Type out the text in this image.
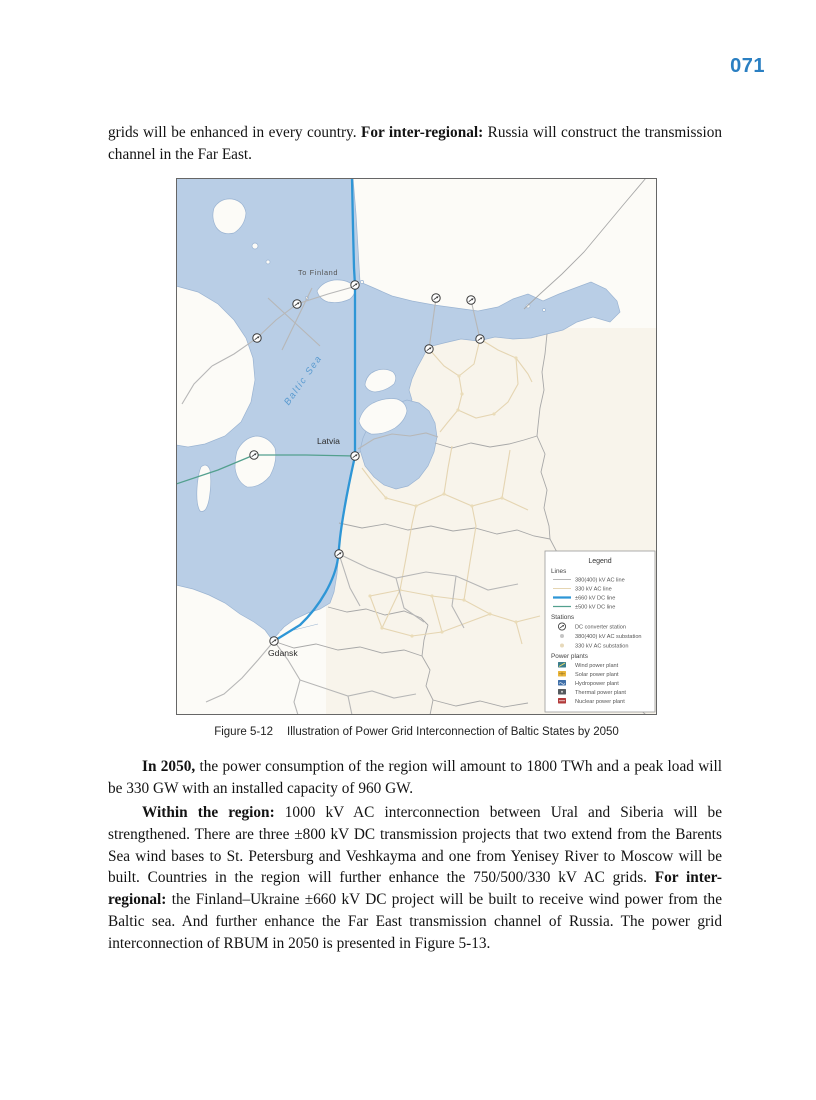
071
grids will be enhanced in every country. For inter-regional: Russia will construct the transmission channel in the Far East.
To Finland
Baltic Sea
Latvia
Gdansk
Legend
Lines
380(400) kV AC line
330 kV AC line
±660 kV DC line
±500 kV DC line
Stations
DC converter station
380(400) kV AC substation
330 kV AC substation
Power plants
Wind power plant
Solar power plant
Hydropower plant
Thermal power plant
Nuclear power plant
Figure 5-12 Illustration of Power Grid Interconnection of Baltic States by 2050
In 2050, the power consumption of the region will amount to 1800 TWh and a peak load will be 330 GW with an installed capacity of 960 GW.
Within the region: 1000 kV AC interconnection between Ural and Siberia will be strengthened. There are three ±800 kV DC transmission projects that two extend from the Barents Sea wind bases to St. Petersburg and Veshkayma and one from Yenisey River to Moscow will be built. Countries in the region will further enhance the 750/500/330 kV AC grids. For inter-regional: the Finland–Ukraine ±660 kV DC project will be built to receive wind power from the Baltic sea. And further enhance the Far East transmission channel of Russia. The power grid interconnection of RBUM in 2050 is presented in Figure 5-13.
